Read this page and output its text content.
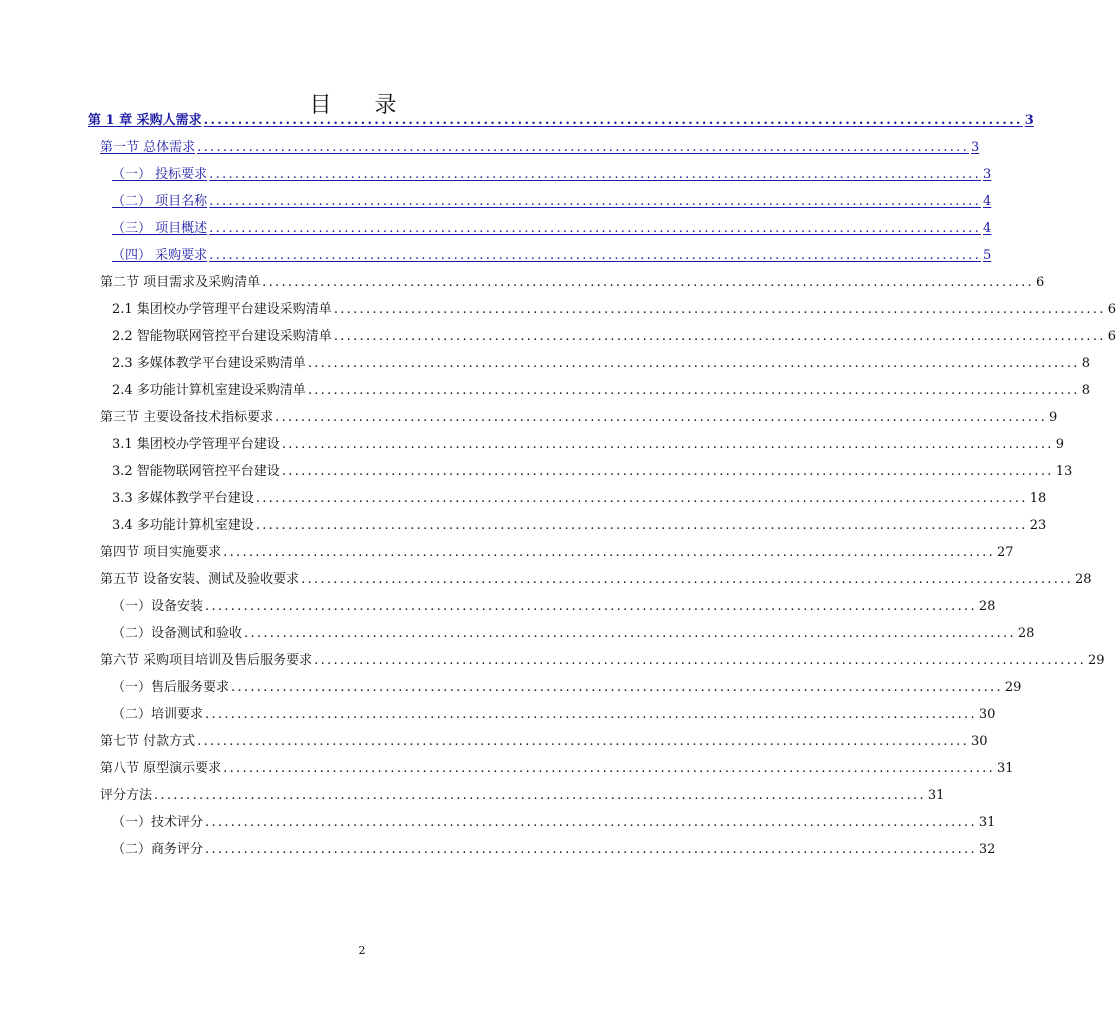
目 录
第 1 章 采购人需求 ........................................................................................................................ 3
第一节 总体需求 ........................................................................................................................ 3
（一） 投标要求 ........................................................................................................................ 3
（二） 项目名称 ........................................................................................................................ 4
（三） 项目概述 ........................................................................................................................ 4
（四） 采购要求 ........................................................................................................................ 5
第二节 项目需求及采购清单 ........................................................................................................................ 6
2.1 集团校办学管理平台建设采购清单 ........................................................................................................................ 6
2.2 智能物联网管控平台建设采购清单 ........................................................................................................................ 6
2.3 多媒体教学平台建设采购清单 ........................................................................................................................ 8
2.4 多功能计算机室建设采购清单 ........................................................................................................................ 8
第三节 主要设备技术指标要求 ........................................................................................................................ 9
3.1 集团校办学管理平台建设 ........................................................................................................................ 9
3.2 智能物联网管控平台建设 ........................................................................................................................ 13
3.3 多媒体教学平台建设 ........................................................................................................................ 18
3.4 多功能计算机室建设 ........................................................................................................................ 23
第四节 项目实施要求 ........................................................................................................................ 27
第五节 设备安装、测试及验收要求 ........................................................................................................................ 28
（一）设备安装 ........................................................................................................................ 28
（二）设备测试和验收 ........................................................................................................................ 28
第六节 采购项目培训及售后服务要求 ........................................................................................................................ 29
（一）售后服务要求 ........................................................................................................................ 29
（二）培训要求 ........................................................................................................................ 30
第七节 付款方式 ........................................................................................................................ 30
第八节 原型演示要求 ........................................................................................................................ 31
评分方法 ........................................................................................................................ 31
（一）技术评分 ........................................................................................................................ 31
（二）商务评分 ........................................................................................................................ 32
2
